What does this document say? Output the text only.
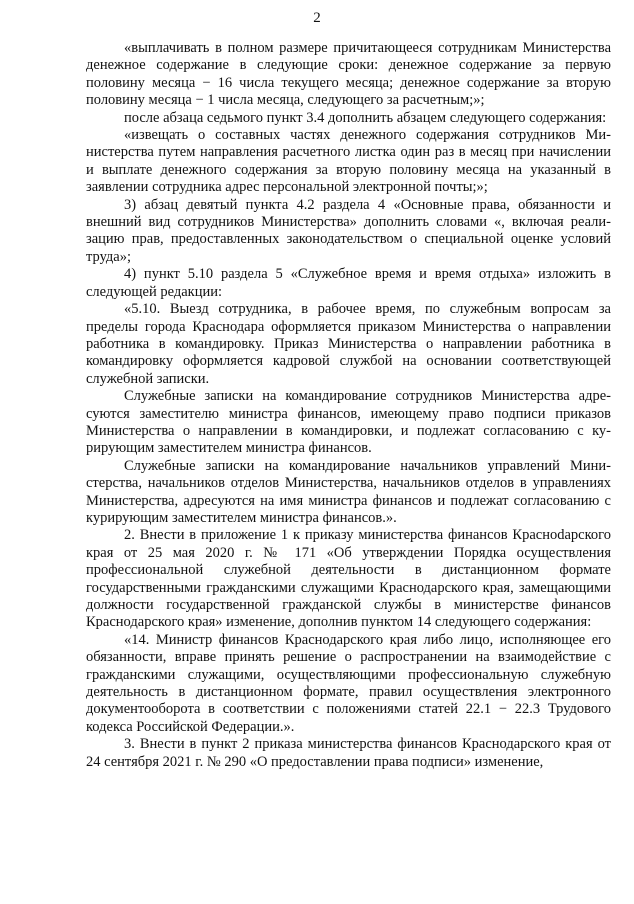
2

«выплачивать в полном размере причитающееся сотрудникам Министерства денежное содержание в следующие сроки: денежное содержание за первую половину месяца − 16 числа текущего месяца; денежное содержание за вторую половину месяца − 1 числа месяца, следующего за расчетным;»;

после абзаца седьмого пункт 3.4 дополнить абзацем следующего содержания:

«извещать о составных частях денежного содержания сотрудников Министерства путем направления расчетного листка один раз в месяц при начислении и выплате денежного содержания за вторую половину месяца на указанный в заявлении сотрудника адрес персональной электронной почты;»;

3) абзац девятый пункта 4.2 раздела 4 «Основные права, обязанности и внешний вид сотрудников Министерства» дополнить словами «, включая реализацию прав, предоставленных законодательством о специальной оценке условий труда»;

4) пункт 5.10 раздела 5 «Служебное время и время отдыха» изложить в следующей редакции:

«5.10. Выезд сотрудника, в рабочее время, по служебным вопросам за пределы города Краснодара оформляется приказом Министерства о направлении работника в командировку. Приказ Министерства о направлении работника в командировку оформляется кадровой службой на основании соответствующей служебной записки.

Служебные записки на командирование сотрудников Министерства адресуются заместителю министра финансов, имеющему право подписи приказов Министерства о направлении в командировки, и подлежат согласованию с курирующим заместителем министра финансов.

Служебные записки на командирование начальников управлений Министерства, начальников отделов Министерства, начальников отделов в управлениях Министерства, адресуются на имя министра финансов и подлежат согласованию с курирующим заместителем министра финансов.».

2. Внести в приложение 1 к приказу министерства финансов Красноdарского края от 25 мая 2020 г. № 171 «Об утверждении Порядка осуществления профессиональной служебной деятельности в дистанционном формате государственными гражданскими служащими Краснодарского края, замещающими должности государственной гражданской службы в министерстве финансов Краснодарского края» изменение, дополнив пунктом 14 следующего содержания:

«14. Министр финансов Краснодарского края либо лицо, исполняющее его обязанности, вправе принять решение о распространении на взаимодействие с гражданскими служащими, осуществляющими профессиональную служебную деятельность в дистанционном формате, правил осуществления электронного документооборота в соответствии с положениями статей 22.1 − 22.3 Трудового кодекса Российской Федерации.».

3. Внести в пункт 2 приказа министерства финансов Краснодарского края от 24 сентября 2021 г. № 290 «О предоставлении права подписи» изменение,
